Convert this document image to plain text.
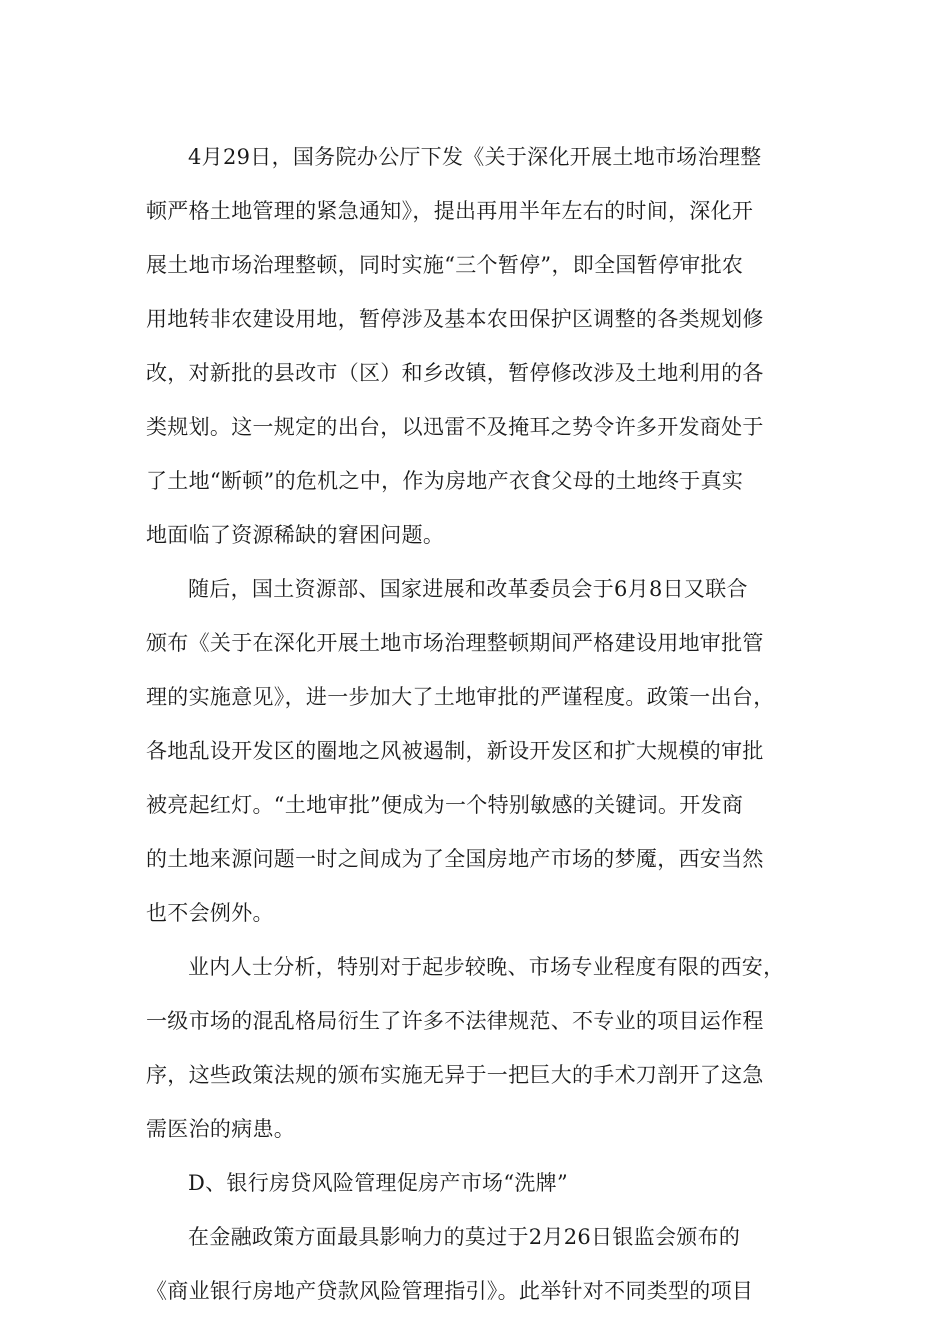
4月29日，国务院办公厅下发《关于深化开展土地市场治理整
顿严格土地管理的紧急通知》，提出再用半年左右的时间，深化开
展土地市场治理整顿，同时实施“三个暂停”，即全国暂停审批农
用地转非农建设用地，暂停涉及基本农田保护区调整的各类规划修
改，对新批的县改市（区）和乡改镇，暂停修改涉及土地利用的各
类规划。这一规定的出台，以迅雷不及掩耳之势令许多开发商处于
了土地“断顿”的危机之中，作为房地产衣食父母的土地终于真实
地面临了资源稀缺的窘困问题。
随后，国土资源部、国家进展和改革委员会于6月8日又联合
颁布《关于在深化开展土地市场治理整顿期间严格建设用地审批管
理的实施意见》，进一步加大了土地审批的严谨程度。政策一出台，
各地乱设开发区的圈地之风被遏制，新设开发区和扩大规模的审批
被亮起红灯。“土地审批”便成为一个特别敏感的关键词。开发商
的土地来源问题一时之间成为了全国房地产市场的梦魇，西安当然
也不会例外。
业内人士分析，特别对于起步较晚、市场专业程度有限的西安，
一级市场的混乱格局衍生了许多不法律规范、不专业的项目运作程
序，这些政策法规的颁布实施无异于一把巨大的手术刀剖开了这急
需医治的病患。
D、银行房贷风险管理促房产市场“洗牌”
在金融政策方面最具影响力的莫过于2月26日银监会颁布的
《商业银行房地产贷款风险管理指引》。此举针对不同类型的项目
